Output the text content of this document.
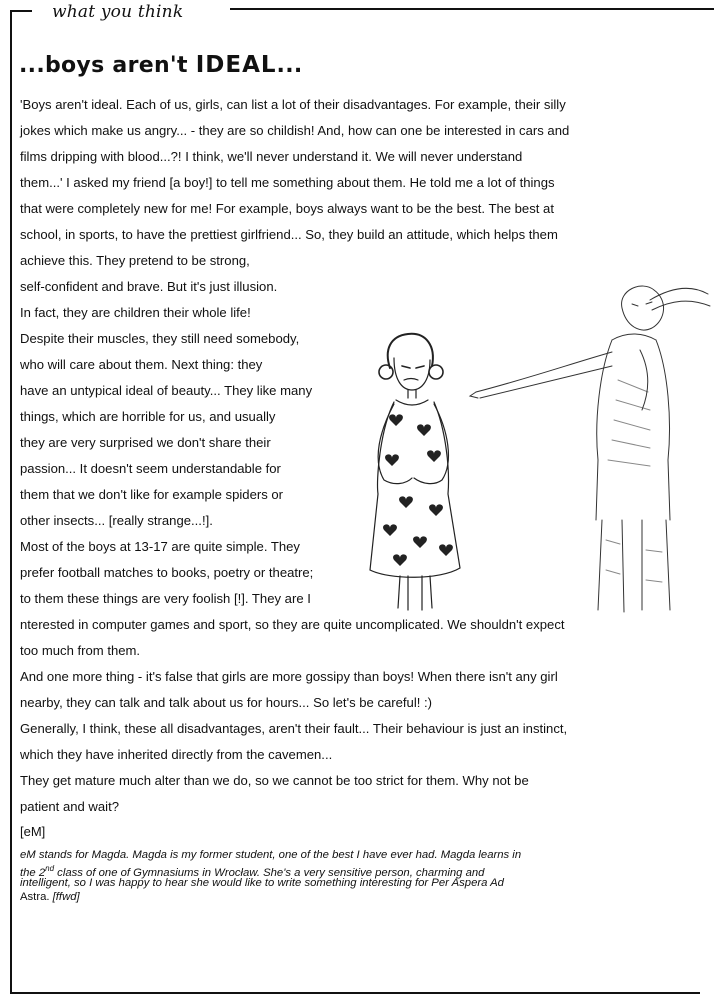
what you think
...boys aren't IDEAL...
'Boys aren't ideal. Each of us, girls, can list a lot of their disadvantages. For example, their silly
jokes which make us angry... - they are so childish! And, how can one be interested in cars and
films dripping with blood...?! I think, we'll never understand it. We will never understand
them...' I asked my friend [a boy!] to tell me something about them. He told me a lot of things
that were completely new for me! For example, boys always want to be the best. The best at
school, in sports, to have the prettiest girlfriend... So, they build an attitude, which helps them
achieve this. They pretend to be strong,
self-confident and brave. But it's just illusion.
In fact, they are children their whole life!
Despite their muscles, they still need somebody,
who will care about them. Next thing: they
have an untypical ideal of beauty... They like many
things, which are horrible for us, and usually
they are very surprised we don't share their
passion... It doesn't seem understandable for
them that we don't like for example spiders or
other insects... [really strange...!].
Most of the boys at 13-17 are quite simple. They
prefer football matches to books, poetry or theatre;
to them these things are very foolish [!]. They are I
nterested in computer games and sport, so they are quite uncomplicated. We shouldn't expect
too much from them.
And one more thing - it's false that girls are more gossipy than boys! When there isn't any girl
nearby, they can talk and talk about us for hours... So let's be careful! :)
Generally, I think, these all disadvantages, aren't their fault... Their behaviour is just an instinct,
which they have inherited directly from the cavemen...
They get mature much alter than we do, so we cannot be too strict for them. Why not be
patient and wait?
[eM]
eM stands for Magda. Magda is my former student, one of the best I have ever had. Magda learns in
the 2nd class of one of Gymnasiums in Wrocław. She's a very sensitive person, charming and
intelligent, so I was happy to hear she would like to write something interesting for Per Aspera Ad
Astra. [ffwd]
